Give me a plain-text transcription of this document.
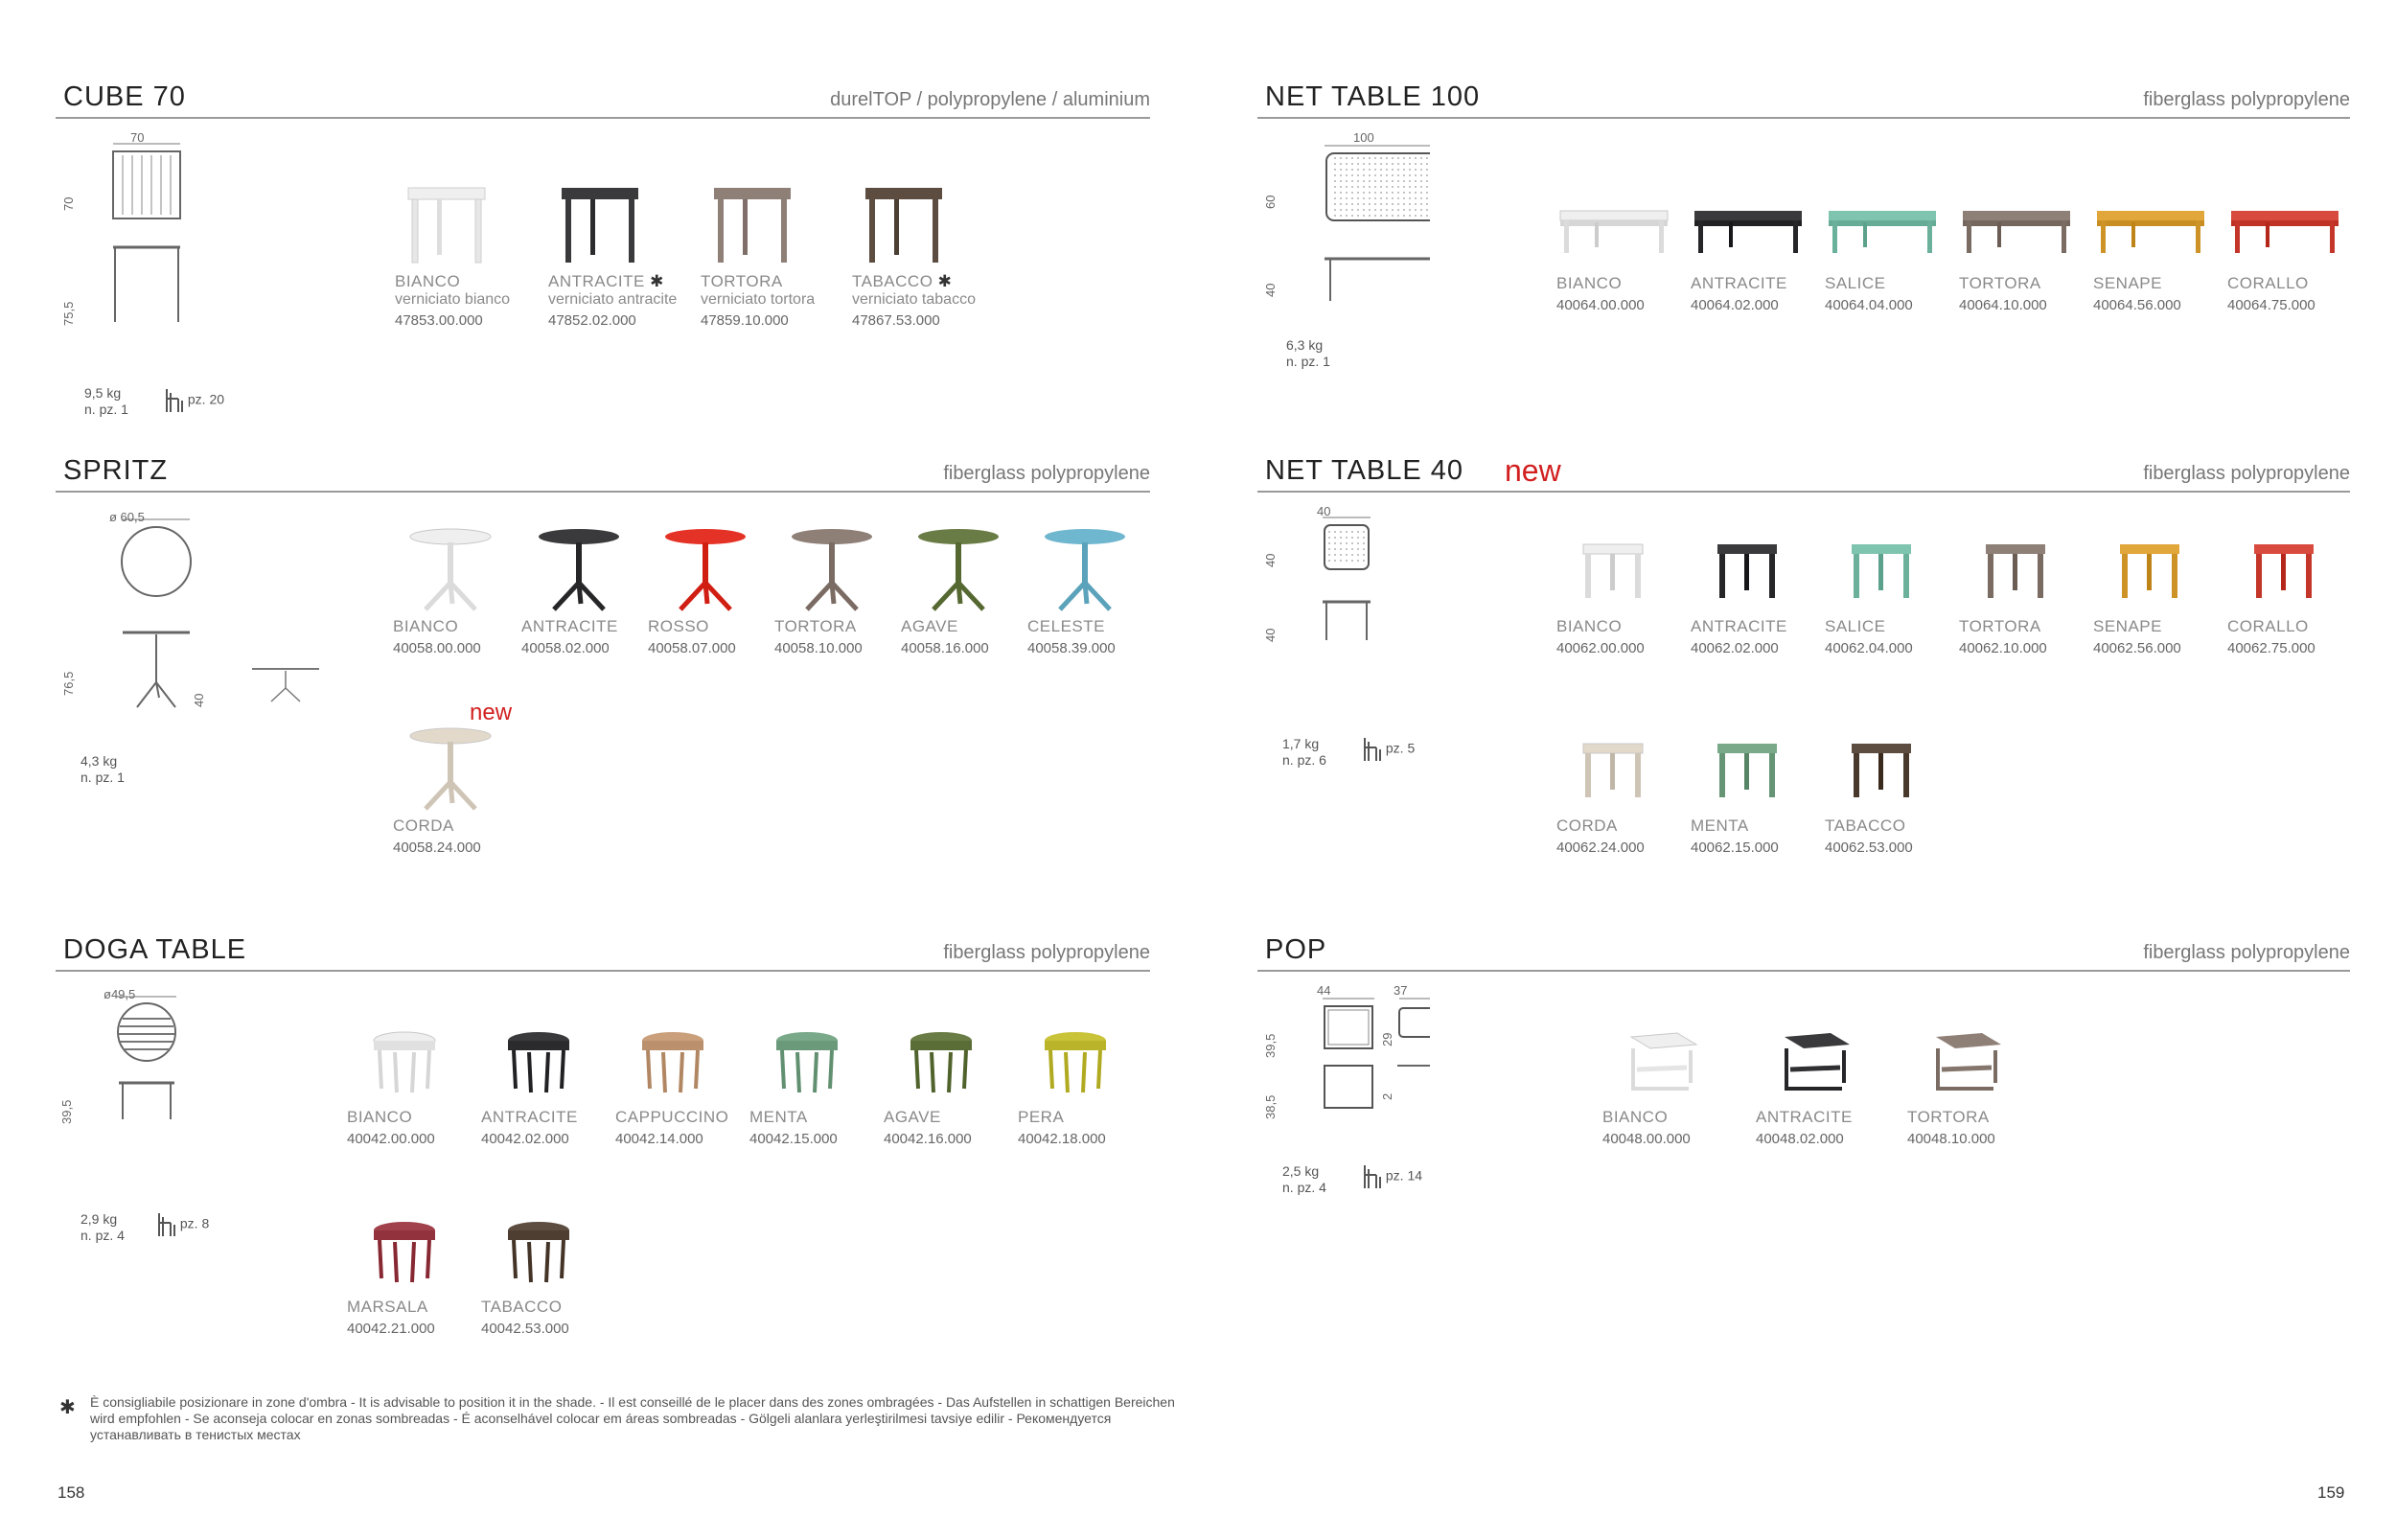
CUBE 70	durelTOP / polypropylene / aluminium
70
70
75,5
9,5 kg
n. pz. 1
pz. 20
BIANCO
verniciato bianco
47853.00.000
ANTRACITE ✱
verniciato antracite
47852.02.000
TORTORA
verniciato tortora
47859.10.000
TABACCO ✱
verniciato tabacco
47867.53.000
SPRITZ	fiberglass polypropylene
ø 60,5
76,5
40
4,3 kg
n. pz. 1
BIANCO
40058.00.000
ANTRACITE
40058.02.000
ROSSO
40058.07.000
TORTORA
40058.10.000
AGAVE
40058.16.000
CELESTE
40058.39.000
CORDA
40058.24.000
new
DOGA TABLE	fiberglass polypropylene
ø49,5
39,5
2,9 kg
n. pz. 4
pz. 8
BIANCO
40042.00.000
ANTRACITE
40042.02.000
CAPPUCCINO
40042.14.000
MENTA
40042.15.000
AGAVE
40042.16.000
PERA
40042.18.000
MARSALA
40042.21.000
TABACCO
40042.53.000
✱ È consigliabile posizionare in zone d'ombra - It is advisable to position it in the shade. - Il est conseillé de le placer dans des zones ombragées - Das Aufstellen in schattigen Bereichen wird empfohlen - Se aconseja colocar en zonas sombreadas - É aconselhável colocar em áreas sombreadas - Gölgeli alanlara yerleştirilmesi tavsiye edilir - Рекомендуется устанавливать в тенистых местах
158
NET TABLE 100	fiberglass polypropylene
100
60
40
6,3 kg
n. pz. 1
BIANCO
40064.00.000
ANTRACITE
40064.02.000
SALICE
40064.04.000
TORTORA
40064.10.000
SENAPE
40064.56.000
CORALLO
40064.75.000
NET TABLE 40 new	fiberglass polypropylene
40
40
40
1,7 kg
n. pz. 6
pz. 5
BIANCO
40062.00.000
ANTRACITE
40062.02.000
SALICE
40062.04.000
TORTORA
40062.10.000
SENAPE
40062.56.000
CORALLO
40062.75.000
CORDA
40062.24.000
MENTA
40062.15.000
TABACCO
40062.53.000
POP	fiberglass polypropylene
44	37
39,5
38,5
29
2
2,5 kg
n. pz. 4
pz. 14
BIANCO
40048.00.000
ANTRACITE
40048.02.000
TORTORA
40048.10.000
159
